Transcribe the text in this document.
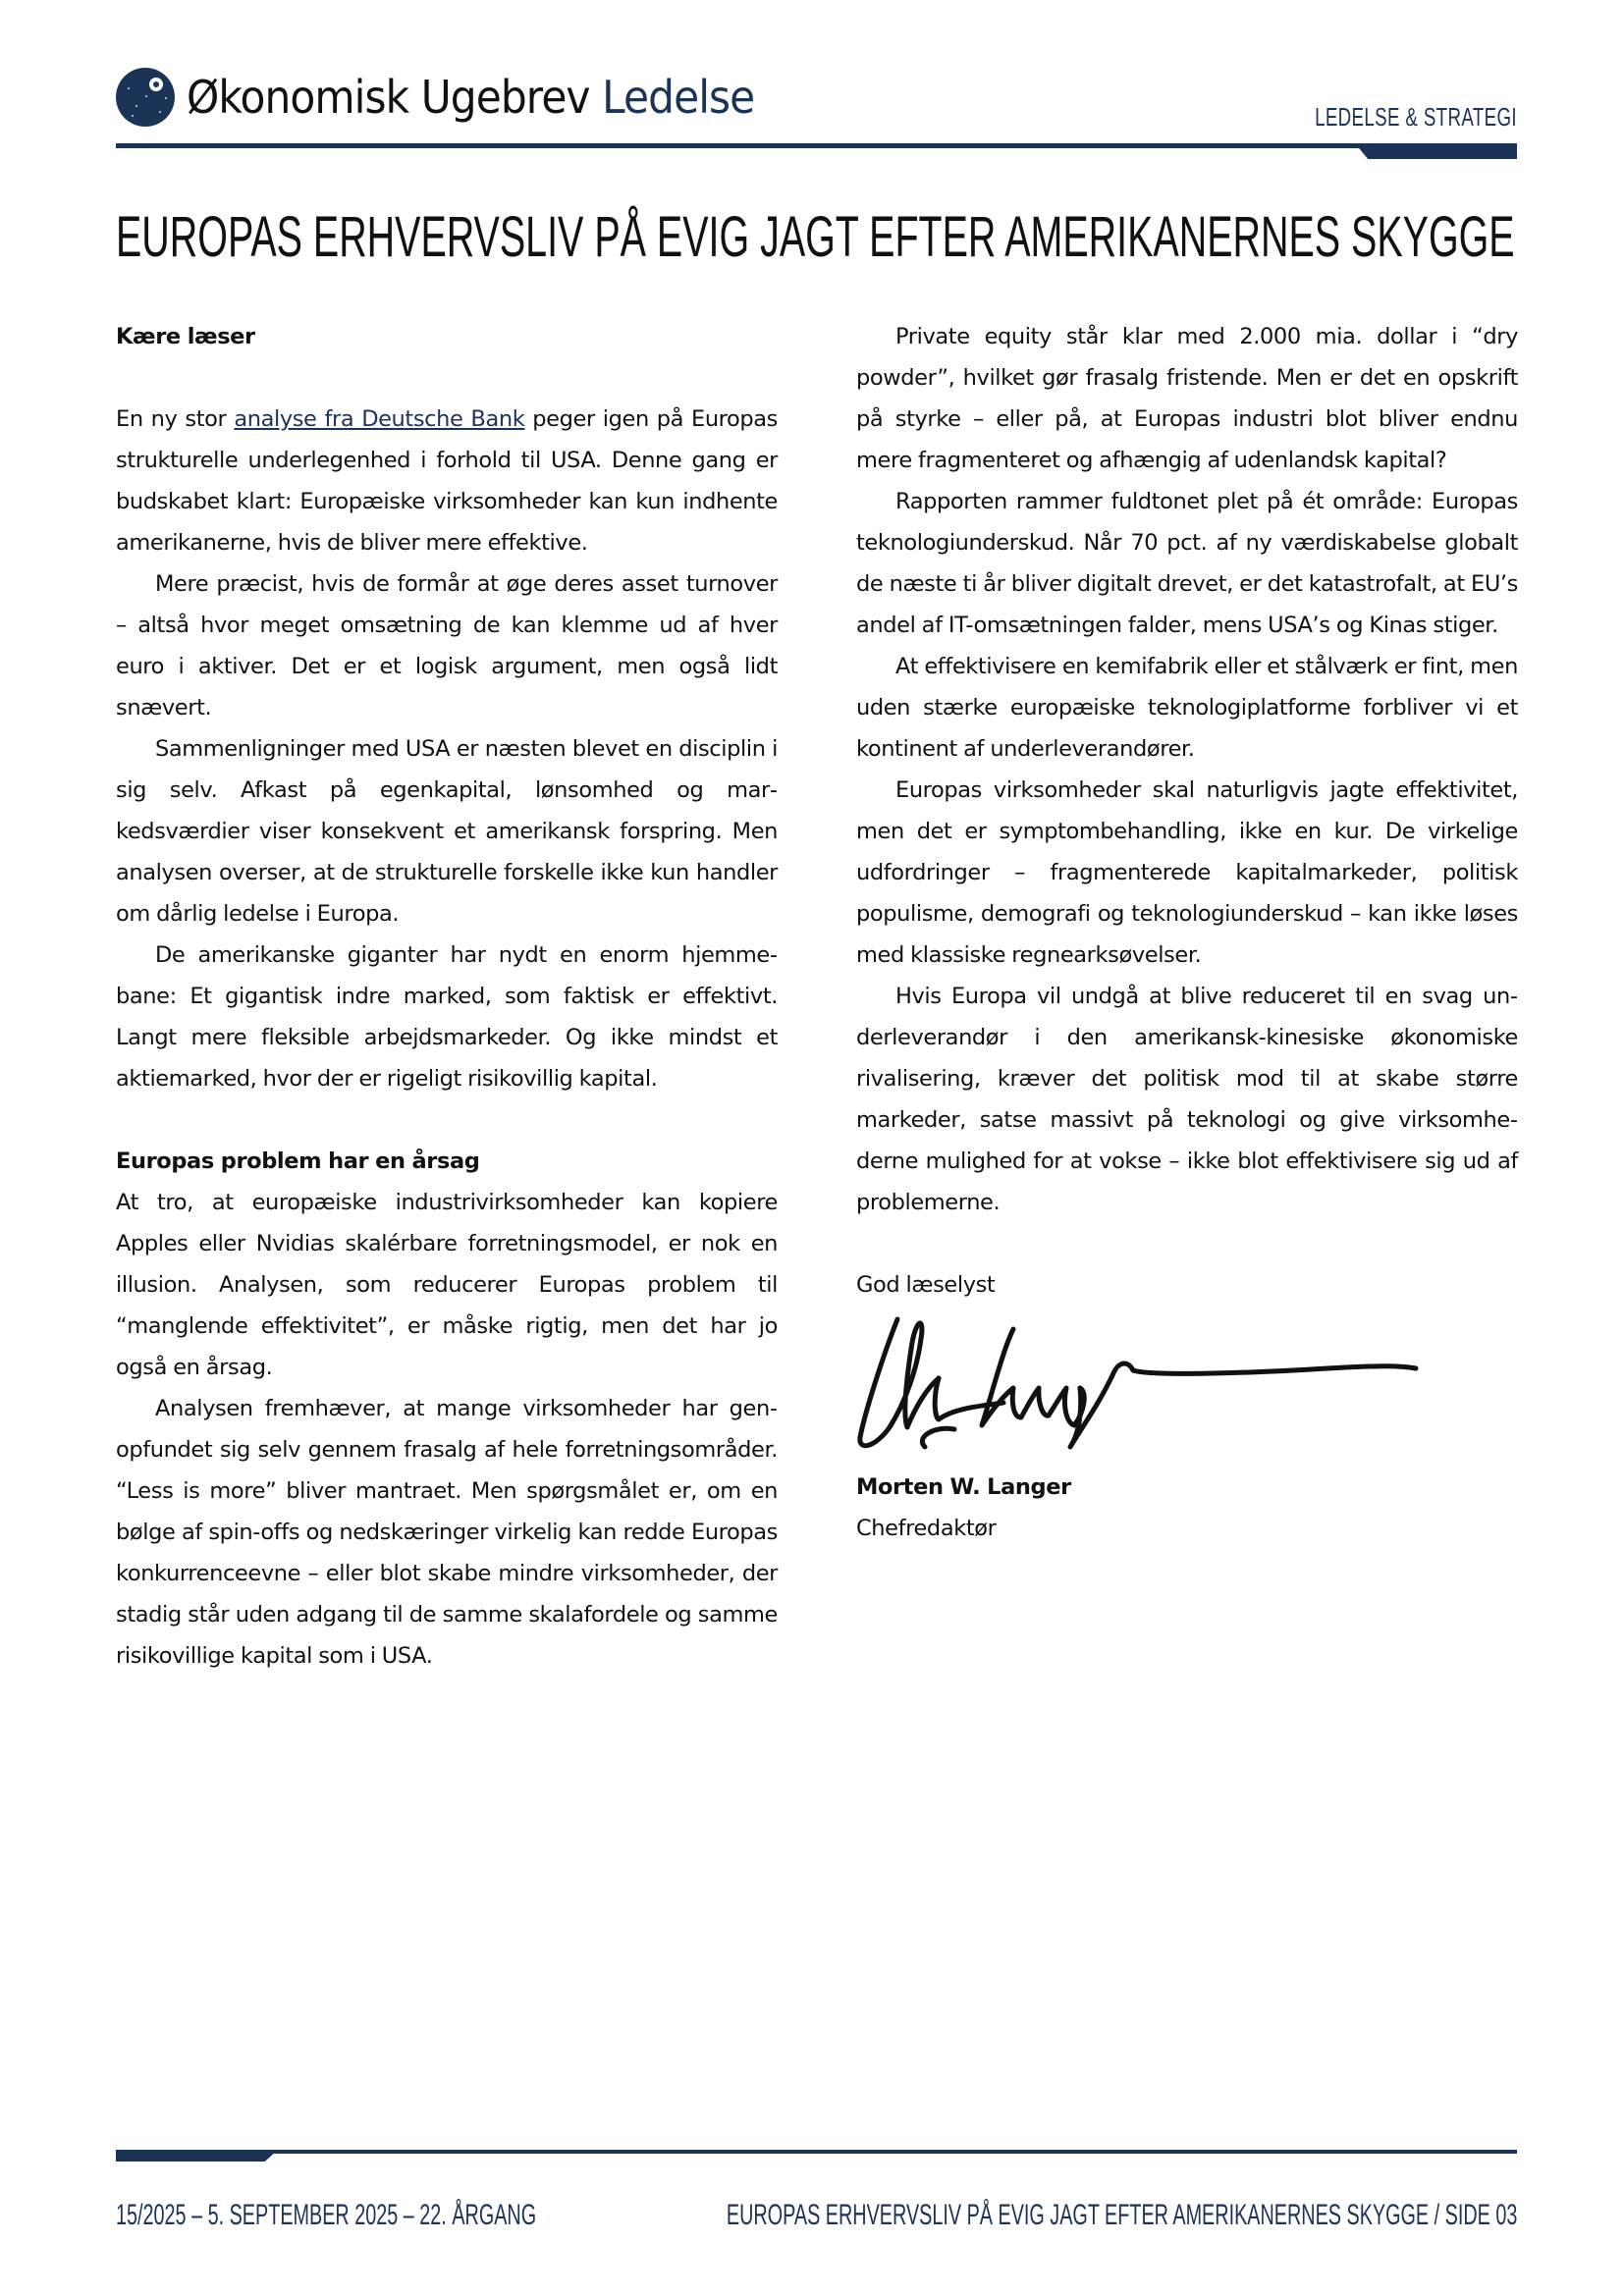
Økonomisk Ugebrev Ledelse	LEDELSE & STRATEGI
EUROPAS ERHVERVSLIV PÅ EVIG JAGT EFTER AMERIKANERNES SKYGGE

Kære læser

En ny stor analyse fra Deutsche Bank peger igen på Europas strukturelle underlegenhed i forhold til USA. Denne gang er budskabet klart: Europæiske virksomheder kan kun indhente amerikanerne, hvis de bliver mere effektive.

Mere præcist, hvis de formår at øge deres asset turnover – altså hvor meget omsætning de kan klemme ud af hver euro i aktiver. Det er et logisk argument, men også lidt snævert.

Sammenligninger med USA er næsten blevet en disciplin i sig selv. Afkast på egenkapital, lønsomhed og markedsværdier viser konsekvent et amerikansk forspring. Men analysen overser, at de strukturelle forskelle ikke kun handler om dårlig ledelse i Europa.

De amerikanske giganter har nydt en enorm hjemmebane: Et gigantisk indre marked, som faktisk er effektivt. Langt mere fleksible arbejdsmarkeder. Og ikke mindst et aktiemarked, hvor der er rigeligt risikovillig kapital.

Europas problem har en årsag

At tro, at europæiske industrivirksomheder kan kopiere Apples eller Nvidias skalérbare forretningsmodel, er nok en illusion. Analysen, som reducerer Europas problem til “manglende effektivitet”, er måske rigtig, men det har jo også en årsag.

Analysen fremhæver, at mange virksomheder har genopfundet sig selv gennem frasalg af hele forretningsområder. “Less is more” bliver mantraet. Men spørgsmålet er, om en bølge af spin-offs og nedskæringer virkelig kan redde Europas konkurrenceevne – eller blot skabe mindre virksomheder, der stadig står uden adgang til de samme skalafordele og samme risikovillige kapital som i USA.

Private equity står klar med 2.000 mia. dollar i “dry powder”, hvilket gør frasalg fristende. Men er det en opskrift på styrke – eller på, at Europas industri blot bliver endnu mere fragmenteret og afhængig af udenlandsk kapital?

Rapporten rammer fuldtonet plet på ét område: Europas teknologiunderskud. Når 70 pct. af ny værdiskabelse globalt de næste ti år bliver digitalt drevet, er det katastrofalt, at EU’s andel af IT-omsætningen falder, mens USA’s og Kinas stiger.

At effektivisere en kemifabrik eller et stålværk er fint, men uden stærke europæiske teknologiplatforme forbliver vi et kontinent af underleverandører.

Europas virksomheder skal naturligvis jagte effektivitet, men det er symptombehandling, ikke en kur. De virkelige udfordringer – fragmenterede kapitalmarkeder, politisk populisme, demografi og teknologiunderskud – kan ikke løses med klassiske regnearksøvelser.

Hvis Europa vil undgå at blive reduceret til en svag underleverandør i den amerikansk-kinesiske økonomiske rivalisering, kræver det politisk mod til at skabe større markeder, satse massivt på teknologi og give virksomhederne mulighed for at vokse – ikke blot effektivisere sig ud af problemerne.

God læselyst

Morten W. Langer

Chefredaktør

15/2025 – 5. SEPTEMBER 2025 – 22. ÅRGANG	EUROPAS ERHVERVSLIV PÅ EVIG JAGT EFTER AMERIKANERNES SKYGGE / SIDE 03
